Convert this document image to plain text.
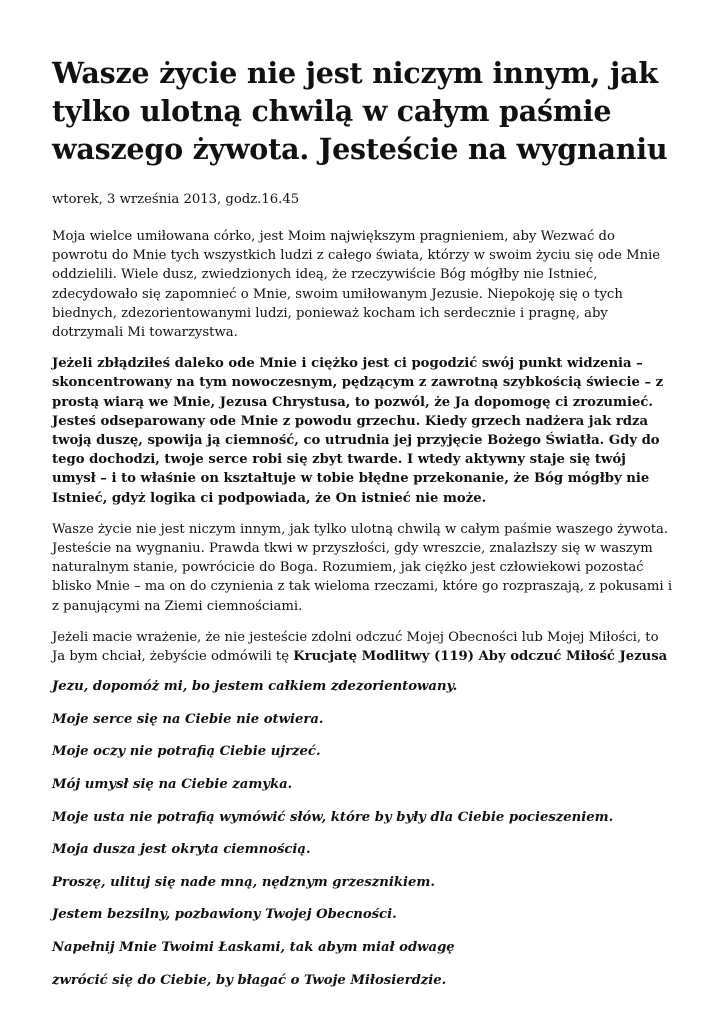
Wasze życie nie jest niczym innym, jak tylko ulotną chwilą w całym paśmie waszego żywota. Jesteście na wygnaniu

wtorek, 3 września 2013, godz.16.45

Moja wielce umiłowana córko, jest Moim największym pragnieniem, aby Wezwać do powrotu do Mnie tych wszystkich ludzi z całego świata, którzy w swoim życiu się ode Mnie oddzielili. Wiele dusz, zwiedzionych ideą, że rzeczywiście Bóg mógłby nie Istnieć, zdecydowało się zapomnieć o Mnie, swoim umiłowanym Jezusie. Niepokoję się o tych biednych, zdezorientowanymi ludzi, ponieważ kocham ich serdecznie i pragnę, aby dotrzymali Mi towarzystwa.

Jeżeli zbłądziłeś daleko ode Mnie i ciężko jest ci pogodzić swój punkt widzenia – skoncentrowany na tym nowoczesnym, pędzącym z zawrotną szybkością świecie – z prostą wiarą we Mnie, Jezusa Chrystusa, to pozwól, że Ja dopomogę ci zrozumieć. Jesteś odseparowany ode Mnie z powodu grzechu. Kiedy grzech nadżera jak rdza twoją duszę, spowija ją ciemność, co utrudnia jej przyjęcie Bożego Światła. Gdy do tego dochodzi, twoje serce robi się zbyt twarde. I wtedy aktywny staje się twój umysł – i to właśnie on kształtuje w tobie błędne przekonanie, że Bóg mógłby nie Istnieć, gdyż logika ci podpowiada, że On istnieć nie może.

Wasze życie nie jest niczym innym, jak tylko ulotną chwilą w całym paśmie waszego żywota. Jesteście na wygnaniu. Prawda tkwi w przyszłości, gdy wreszcie, znalazłszy się w waszym naturalnym stanie, powrócicie do Boga. Rozumiem, jak ciężko jest człowiekowi pozostać blisko Mnie – ma on do czynienia z tak wieloma rzeczami, które go rozpraszają, z pokusami i z panującymi na Ziemi ciemnościami.

Jeżeli macie wrażenie, że nie jesteście zdolni odczuć Mojej Obecności lub Mojej Miłości, to Ja bym chciał, żebyście odmówili tę Krucjatę Modlitwy (119) Aby odczuć Miłość Jezusa

Jezu, dopomóż mi, bo jestem całkiem zdezorientowany.

Moje serce się na Ciebie nie otwiera.

Moje oczy nie potrafią Ciebie ujrzeć.

Mój umysł się na Ciebie zamyka.

Moje usta nie potrafią wymówić słów, które by były dla Ciebie pocieszeniem.

Moja dusza jest okryta ciemnością.

Proszę, ulituj się nade mną, nędznym grzesznikiem.

Jestem bezsilny, pozbawiony Twojej Obecności.

Napełnij Mnie Twoimi Łaskami, tak abym miał odwagę

zwrócić się do Ciebie, by błagać o Twoje Miłosierdzie.
